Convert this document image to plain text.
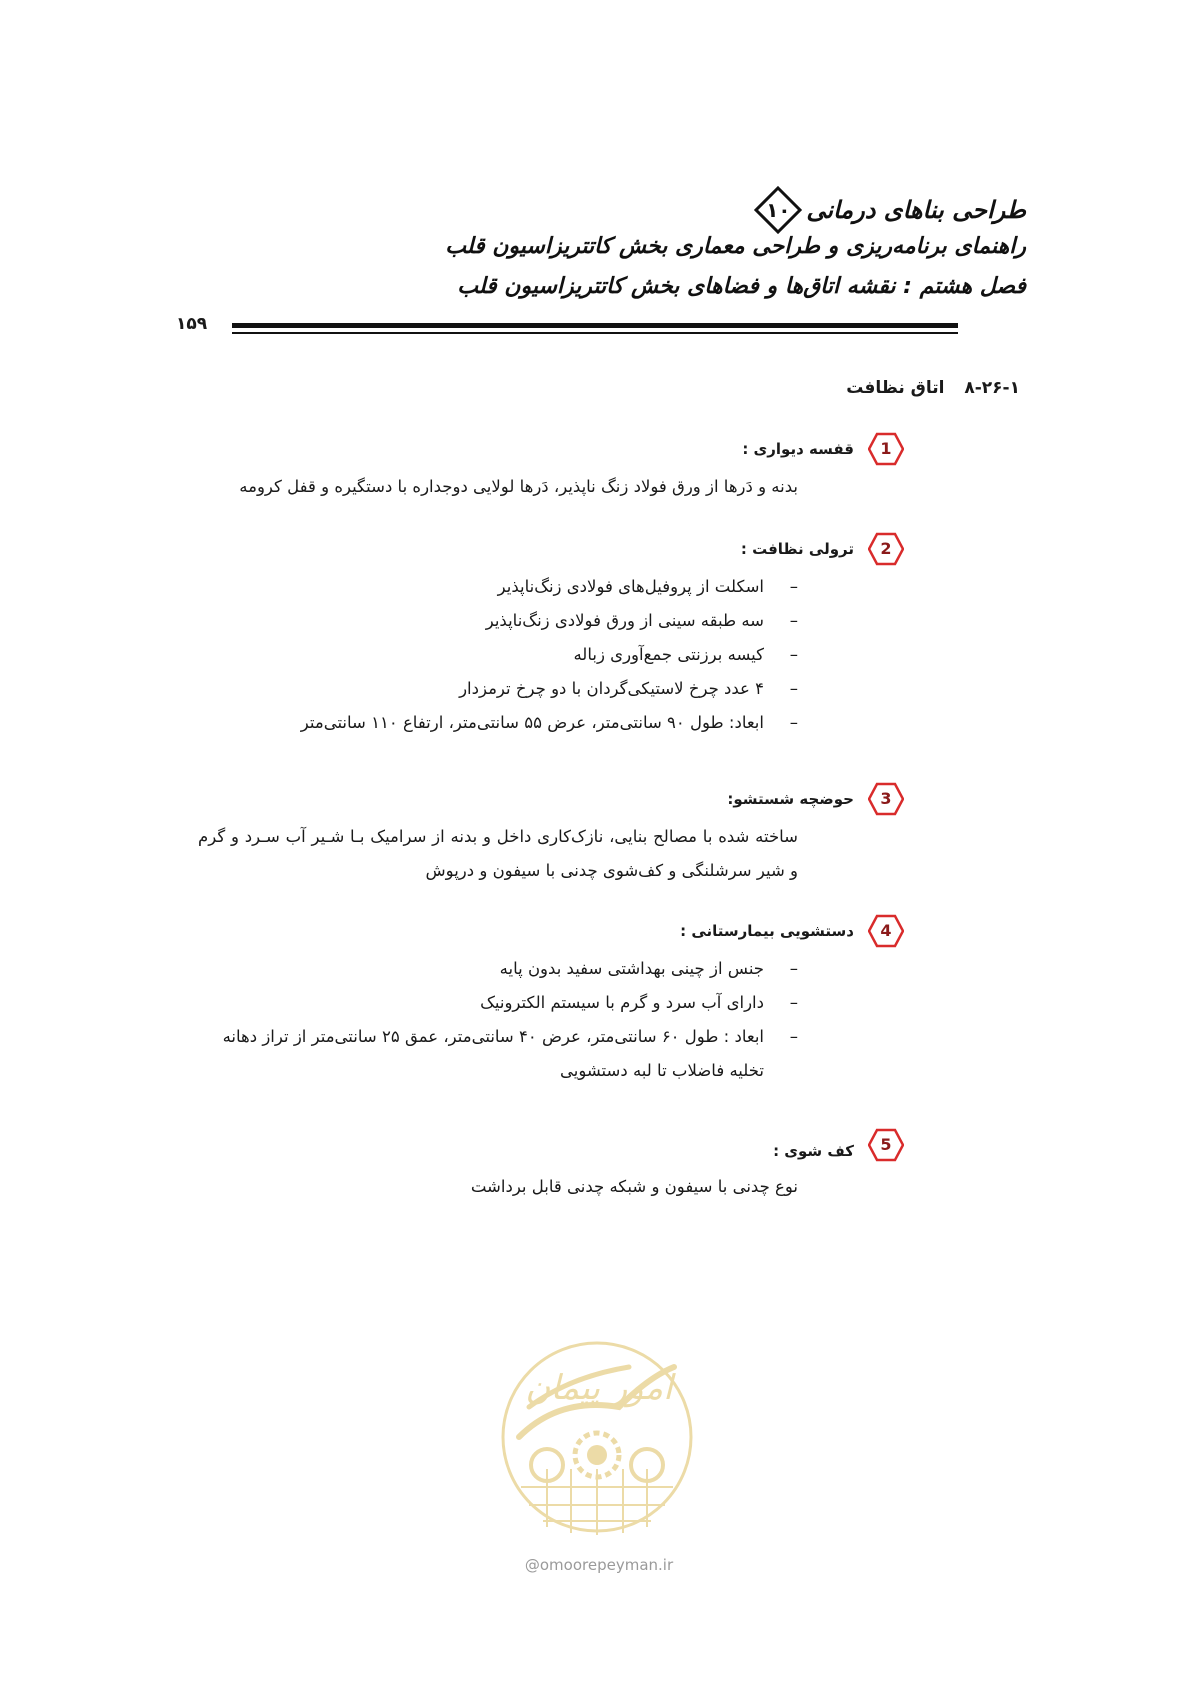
طراحی بناهای درمانی
۱۰
راهنمای برنامه‌ریزی و طراحی معماری بخش کاتتریزاسیون قلب
فصل هشتم : نقشه اتاق‌ها و فضاهای بخش کاتتریزاسیون قلب
۱۵۹
۸-۲۶-۱ اتاق نظافت
قفسه دیواری :	1
بدنه و دَرها از ورق فولاد زنگ ناپذیر، دَرها لولایی دوجداره با دستگیره و قفل کرومه
ترولی نظافت :	2
–
اسکلت از پروفیل‌های فولادی زنگ‌ناپذیر
–
سه طبقه سینی از ورق فولادی زنگ‌ناپذیر
–
کیسه برزنتی جمع‌آوری زباله
–
۴ عدد چرخ لاستیکی‌گردان با دو چرخ ترمزدار
–
ابعاد: طول ۹۰ سانتی‌متر، عرض ۵۵ سانتی‌متر، ارتفاع ۱۱۰ سانتی‌متر
حوضچه شستشو:	3
ساخته شده با مصالح بنایی، نازک‌کاری داخل و بدنه از سرامیک بـا شـیر آب سـرد و گرم و شیر سرشلنگی و کف‌شوی چدنی با سیفون و درپوش
دستشویی بیمارستانی :	4
–
جنس از چینی بهداشتی سفید بدون پایه
–
دارای آب سرد و گرم با سیستم الکترونیک
–
ابعاد : طول ۶۰ سانتی‌متر، عرض ۴۰ سانتی‌متر، عمق ۲۵ سانتی‌متر از تراز دهانه تخلیه فاضلاب تا لبه دستشویی
کف شوی :	5
نوع چدنی با سیفون و شبکه چدنی قابل برداشت
امور پیمان
@omoorepeyman.ir
